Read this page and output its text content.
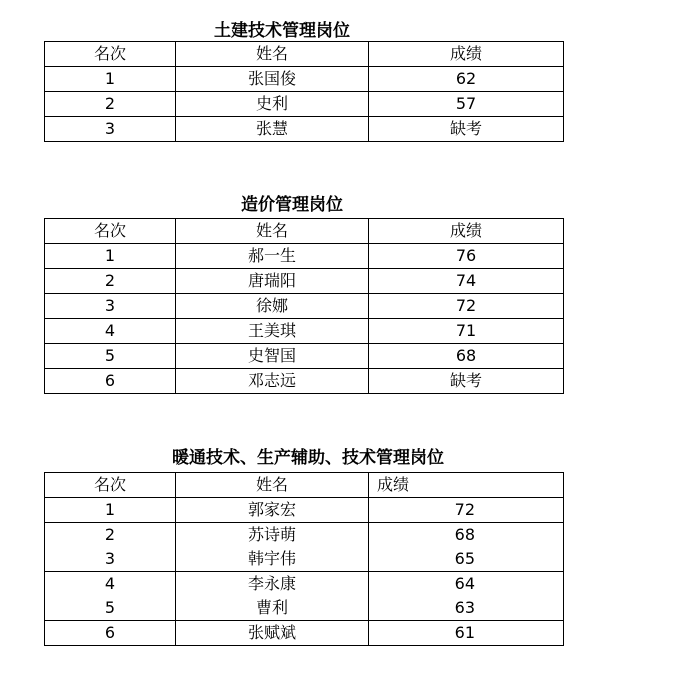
土建技术管理岗位
名次	姓名	成绩
1	张国俊	62
2	史利	57
3	张慧	缺考
造价管理岗位
名次	姓名	成绩
1	郝一生	76
2	唐瑞阳	74
3	徐娜	72
4	王美琪	71
5	史智国	68
6	邓志远	缺考
暖通技术、生产辅助、技术管理岗位
名次	姓名	成绩
1	郭家宏	72
2	苏诗萌	68
3	韩宇伟	65
4	李永康	64
5	曹利	63
6	张赋斌	61
